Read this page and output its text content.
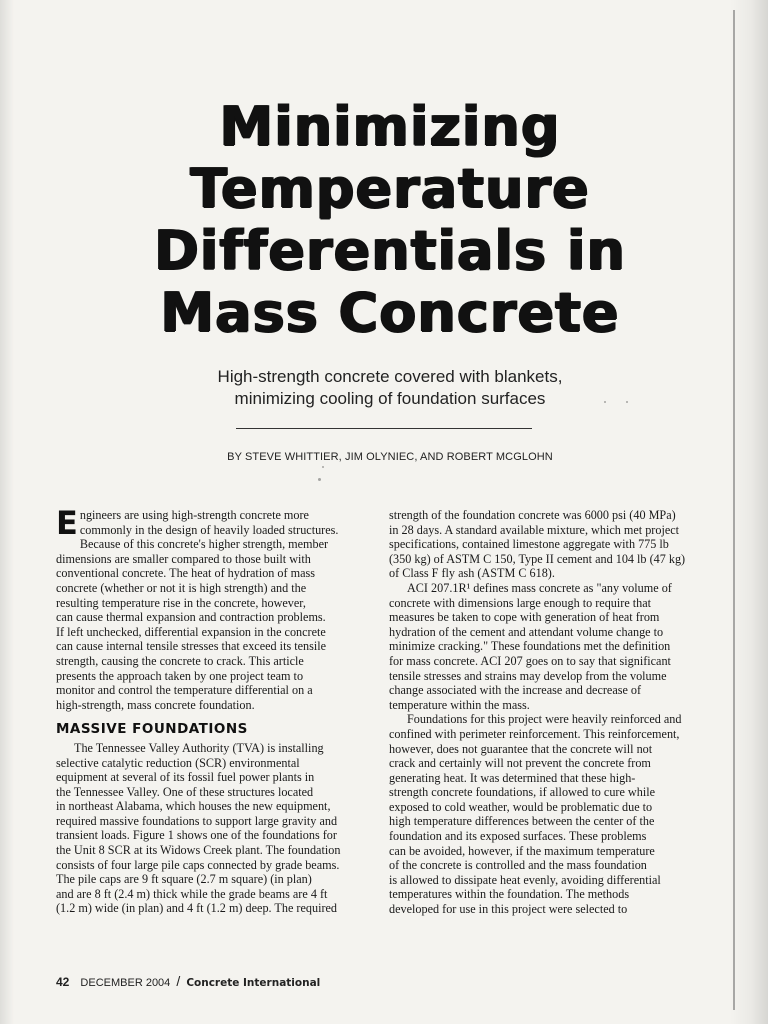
Minimizing
Temperature
Differentials in
Mass Concrete
High-strength concrete covered with blankets,
minimizing cooling of foundation surfaces
BY STEVE WHITTIER, JIM OLYNIEC, AND ROBERT MCGLOHN

Engineers are using high-strength concrete more
commonly in the design of heavily loaded structures.
Because of this concrete's higher strength, member
dimensions are smaller compared to those built with
conventional concrete. The heat of hydration of mass
concrete (whether or not it is high strength) and the
resulting temperature rise in the concrete, however,
can cause thermal expansion and contraction problems.
If left unchecked, differential expansion in the concrete
can cause internal tensile stresses that exceed its tensile
strength, causing the concrete to crack. This article
presents the approach taken by one project team to
monitor and control the temperature differential on a
high-strength, mass concrete foundation.

MASSIVE FOUNDATIONS

The Tennessee Valley Authority (TVA) is installing
selective catalytic reduction (SCR) environmental
equipment at several of its fossil fuel power plants in
the Tennessee Valley. One of these structures located
in northeast Alabama, which houses the new equipment,
required massive foundations to support large gravity and
transient loads. Figure 1 shows one of the foundations for
the Unit 8 SCR at its Widows Creek plant. The foundation
consists of four large pile caps connected by grade beams.
The pile caps are 9 ft square (2.7 m square) (in plan)
and are 8 ft (2.4 m) thick while the grade beams are 4 ft
(1.2 m) wide (in plan) and 4 ft (1.2 m) deep. The required

strength of the foundation concrete was 6000 psi (40 MPa)
in 28 days. A standard available mixture, which met project
specifications, contained limestone aggregate with 775 lb
(350 kg) of ASTM C 150, Type II cement and 104 lb (47 kg)
of Class F fly ash (ASTM C 618).

ACI 207.1R¹ defines mass concrete as "any volume of
concrete with dimensions large enough to require that
measures be taken to cope with generation of heat from
hydration of the cement and attendant volume change to
minimize cracking." These foundations met the definition
for mass concrete. ACI 207 goes on to say that significant
tensile stresses and strains may develop from the volume
change associated with the increase and decrease of
temperature within the mass.

Foundations for this project were heavily reinforced and
confined with perimeter reinforcement. This reinforcement,
however, does not guarantee that the concrete will not
crack and certainly will not prevent the concrete from
generating heat. It was determined that these high-
strength concrete foundations, if allowed to cure while
exposed to cold weather, would be problematic due to
high temperature differences between the center of the
foundation and its exposed surfaces. These problems
can be avoided, however, if the maximum temperature
of the concrete is controlled and the mass foundation
is allowed to dissipate heat evenly, avoiding differential
temperatures within the foundation. The methods
developed for use in this project were selected to

42 DECEMBER 2004 / Concrete International
